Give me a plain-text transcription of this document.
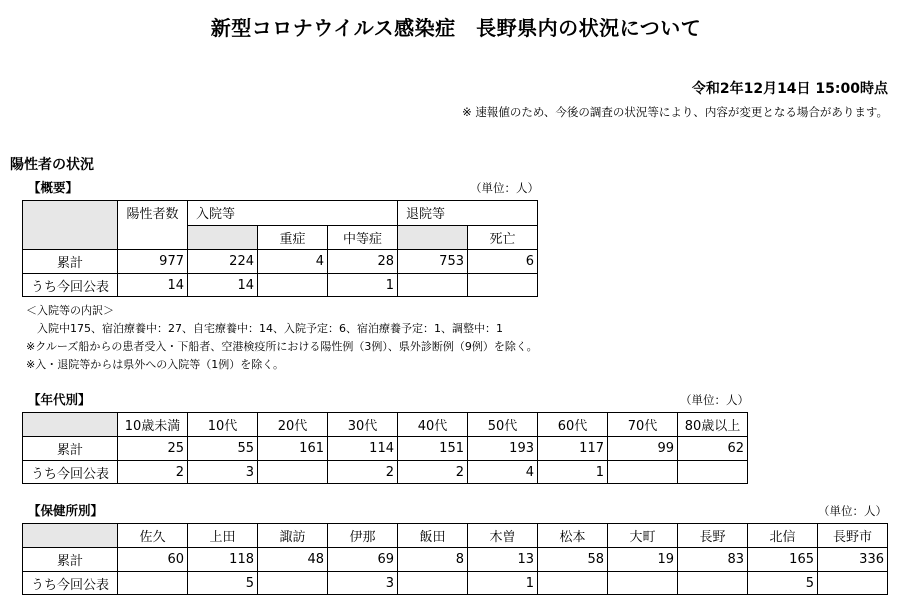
新型コロナウイルス感染症　長野県内の状況について
令和2年12月14日 15:00時点
※ 速報値のため、今後の調査の状況等により、内容が変更となる場合があります。
陽性者の状況
【概要】	（単位：人）
	陽性者数	入院等			退院等	
			重症	中等症		死亡
累計	977	224	4	28	753	6
うち今回公表	14	14		1		
＜入院等の内訳＞
　入院中175、宿泊療養中：27、自宅療養中：14、入院予定：6、宿泊療養予定：1、調整中：1
※クルーズ船からの患者受入・下船者、空港検疫所における陽性例（3例）、県外診断例（9例）を除く。
※入・退院等からは県外への入院等（1例）を除く。
【年代別】	（単位：人）
	10歳未満	10代	20代	30代	40代	50代	60代	70代	80歳以上
累計	25	55	161	114	151	193	117	99	62
うち今回公表	2	3		2	2	4	1		
【保健所別】	（単位：人）
	佐久	上田	諏訪	伊那	飯田	木曽	松本	大町	長野	北信	長野市
累計	60	118	48	69	8	13	58	19	83	165	336
うち今回公表		5		3		1				5	
